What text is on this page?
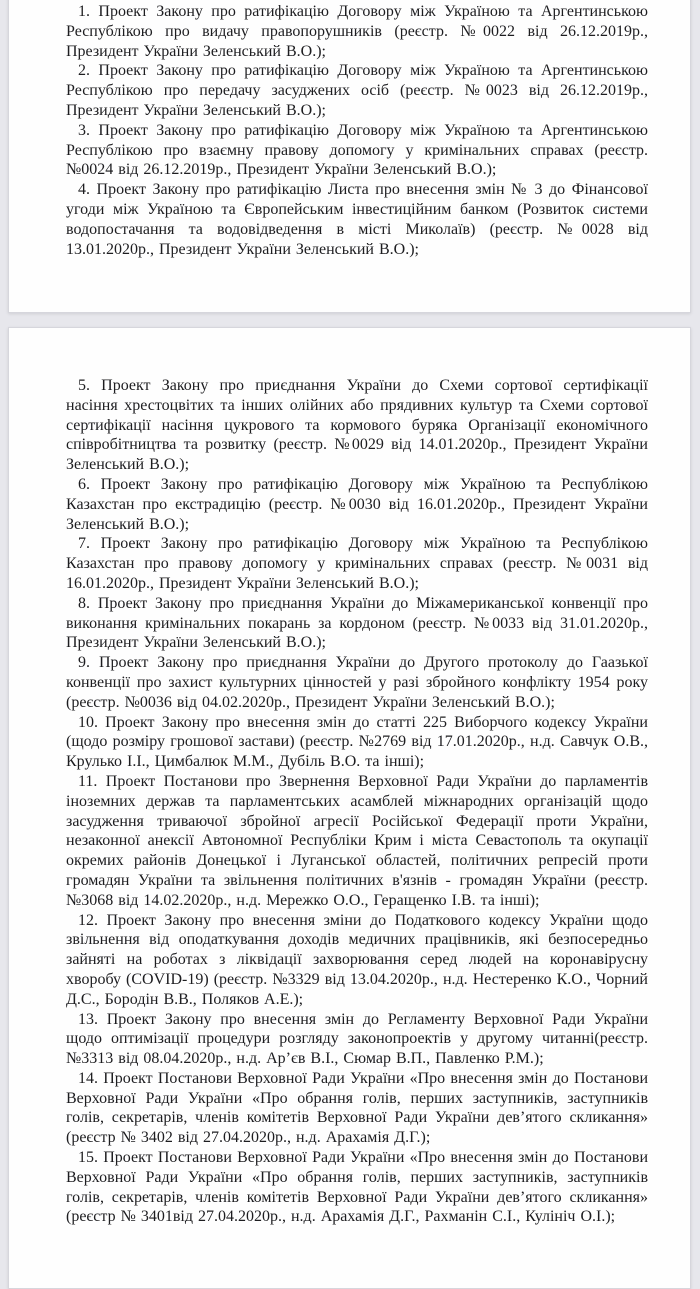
1. Проект Закону про ратифікацію Договору між Україною та Аргентинською Республікою про видачу правопорушників (реєстр. №0022 від 26.12.2019р., Президент України Зеленський В.О.);

2. Проект Закону про ратифікацію Договору між Україною та Аргентинською Республікою про передачу засуджених осіб (реєстр. №0023 від 26.12.2019р., Президент України Зеленський В.О.);

3. Проект Закону про ратифікацію Договору між Україною та Аргентинською Республікою про взаємну правову допомогу у кримінальних справах (реєстр. №0024 від 26.12.2019р., Президент України Зеленський В.О.);

4. Проект Закону про ратифікацію Листа про внесення змін № 3 до Фінансової угоди між Україною та Європейським інвестиційним банком (Розвиток системи водопостачання та водовідведення в місті Миколаїв) (реєстр. №0028 від 13.01.2020р., Президент України Зеленський В.О.);

5. Проект Закону про приєднання України до Схеми сортової сертифікації насіння хрестоцвітих та інших олійних або прядивних культур та Схеми сортової сертифікації насіння цукрового та кормового буряка Організації економічного співробітництва та розвитку (реєстр. №0029 від 14.01.2020р., Президент України Зеленський В.О.);

6. Проект Закону про ратифікацію Договору між Україною та Республікою Казахстан про екстрадицію (реєстр. №0030 від 16.01.2020р., Президент України Зеленський В.О.);

7. Проект Закону про ратифікацію Договору між Україною та Республікою Казахстан про правову допомогу у кримінальних справах (реєстр. №0031 від 16.01.2020р., Президент України Зеленський В.О.);

8. Проект Закону про приєднання України до Міжамериканської конвенції про виконання кримінальних покарань за кордоном (реєстр. №0033 від 31.01.2020р., Президент України Зеленський В.О.);

9. Проект Закону про приєднання України до Другого протоколу до Гаазької конвенції про захист культурних цінностей у разі збройного конфлікту 1954 року (реєстр. №0036 від 04.02.2020р., Президент України Зеленський В.О.);

10. Проект Закону про внесення змін до статті 225 Виборчого кодексу України (щодо розміру грошової застави) (реєстр. №2769 від 17.01.2020р., н.д. Савчук О.В., Крулько І.І., Цимбалюк М.М., Дубіль В.О. та інші);

11. Проект Постанови про Звернення Верховної Ради України до парламентів іноземних держав та парламентських асамблей міжнародних організацій щодо засудження триваючої збройної агресії Російської Федерації проти України, незаконної анексії Автономної Республіки Крим і міста Севастополь та окупації окремих районів Донецької і Луганської областей, політичних репресій проти громадян України та звільнення політичних в'язнів - громадян України (реєстр.№3068 від 14.02.2020р., н.д. Мережко О.О., Геращенко І.В. та інші);

12. Проект Закону про внесення зміни до Податкового кодексу України щодо звільнення від оподаткування доходів медичних працівників, які безпосередньо зайняті на роботах з ліквідації захворювання серед людей на коронавірусну хворобу (COVID-19) (реєстр. №3329 від 13.04.2020р., н.д. Нестеренко К.О., Чорний Д.С., Бородін В.В., Поляков А.Е.);

13. Проект Закону про внесення змін до Регламенту Верховної Ради України щодо оптимізації процедури розгляду законопроектів у другому читанні(реєстр. №3313 від 08.04.2020р., н.д. Ар’єв В.І., Сюмар В.П., Павленко Р.М.);

14. Проект Постанови Верховної Ради України «Про внесення змін до Постанови Верховної Ради України «Про обрання голів, перших заступників, заступників голів, секретарів, членів комітетів Верховної Ради України дев’ятого скликання» (реєстр № 3402 від 27.04.2020р., н.д. Арахамія Д.Г.);

15. Проект Постанови Верховної Ради України «Про внесення змін до Постанови Верховної Ради України «Про обрання голів, перших заступників, заступників голів, секретарів, членів комітетів Верховної Ради України дев’ятого скликання» (реєстр № 3401від 27.04.2020р., н.д. Арахамія Д.Г., Рахманін С.І., Кулініч О.І.);
